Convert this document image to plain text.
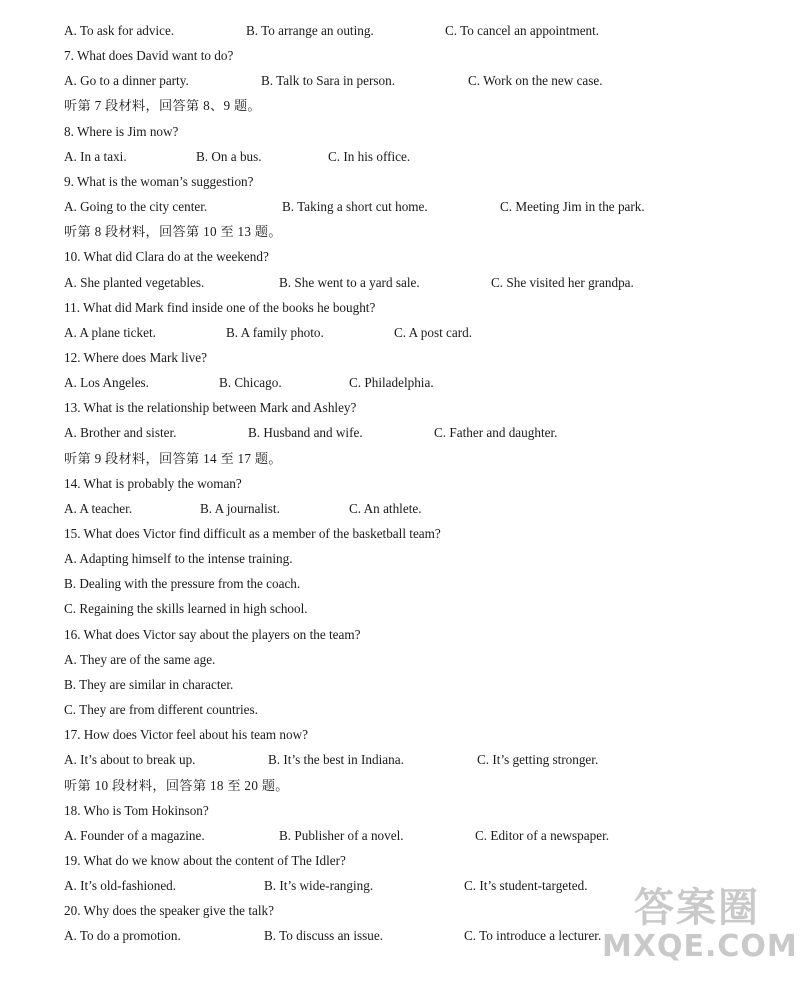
A. To ask for advice.	B. To arrange an outing.	C. To cancel an appointment.
7. What does David want to do?
A. Go to a dinner party.	B. Talk to Sara in person.	C. Work on the new case.
听第 7 段材料，回答第 8、9 题。
8. Where is Jim now?
A. In a taxi.	B. On a bus.	C. In his office.
9. What is the woman’s suggestion?
A. Going to the city center.	B. Taking a short cut home.	C. Meeting Jim in the park.
听第 8 段材料，回答第 10 至 13 题。
10. What did Clara do at the weekend?
A. She planted vegetables.	B. She went to a yard sale.	C. She visited her grandpa.
11. What did Mark find inside one of the books he bought?
A. A plane ticket.	B. A family photo.	C. A post card.
12. Where does Mark live?
A. Los Angeles.	B. Chicago.	C. Philadelphia.
13. What is the relationship between Mark and Ashley?
A. Brother and sister.	B. Husband and wife.	C. Father and daughter.
听第 9 段材料，回答第 14 至 17 题。
14. What is probably the woman?
A. A teacher.	B. A journalist.	C. An athlete.
15. What does Victor find difficult as a member of the basketball team?
A. Adapting himself to the intense training.
B. Dealing with the pressure from the coach.
C. Regaining the skills learned in high school.
16. What does Victor say about the players on the team?
A. They are of the same age.
B. They are similar in character.
C. They are from different countries.
17. How does Victor feel about his team now?
A. It’s about to break up.	B. It’s the best in Indiana.	C. It’s getting stronger.
听第 10 段材料，回答第 18 至 20 题。
18. Who is Tom Hokinson?
A. Founder of a magazine.	B. Publisher of a novel.	C. Editor of a newspaper.
19. What do we know about the content of The Idler?
A. It’s old-fashioned.	B. It’s wide-ranging.	C. It’s student-targeted.
20. Why does the speaker give the talk?
A. To do a promotion.	B. To discuss an issue.	C. To introduce a lecturer.
答案圈
MXQE.COM
